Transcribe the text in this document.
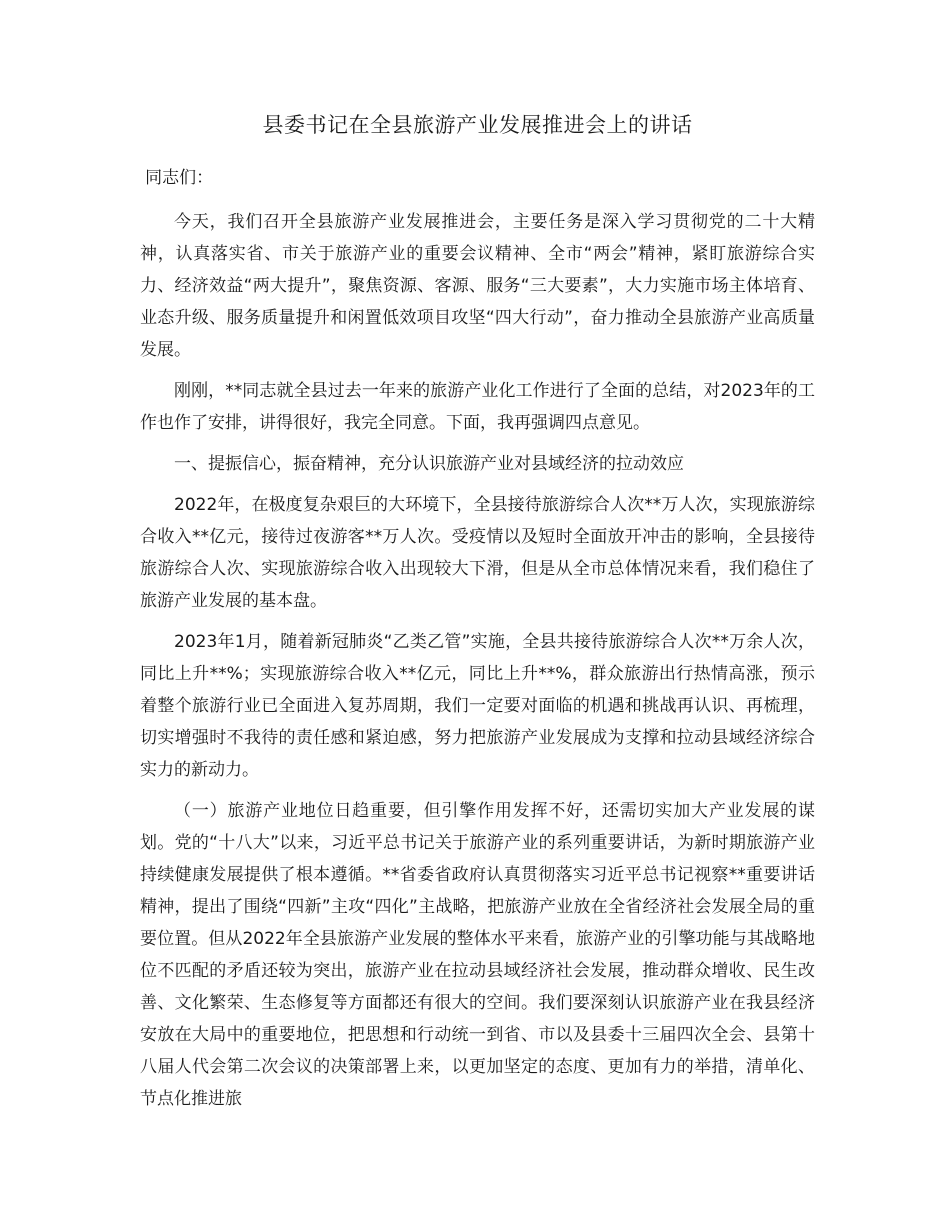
县委书记在全县旅游产业发展推进会上的讲话

同志们：

今天，我们召开全县旅游产业发展推进会，主要任务是深入学习贯彻党的二十大精神，认真落实省、市关于旅游产业的重要会议精神、全市“两会”精神，紧盯旅游综合实力、经济效益“两大提升”，聚焦资源、客源、服务“三大要素”，大力实施市场主体培育、业态升级、服务质量提升和闲置低效项目攻坚“四大行动”，奋力推动全县旅游产业高质量发展。

刚刚，**同志就全县过去一年来的旅游产业化工作进行了全面的总结，对2023年的工作也作了安排，讲得很好，我完全同意。下面，我再强调四点意见。

一、提振信心，振奋精神，充分认识旅游产业对县域经济的拉动效应

2022年，在极度复杂艰巨的大环境下，全县接待旅游综合人次**万人次，实现旅游综合收入**亿元，接待过夜游客**万人次。受疫情以及短时全面放开冲击的影响，全县接待旅游综合人次、实现旅游综合收入出现较大下滑，但是从全市总体情况来看，我们稳住了旅游产业发展的基本盘。

2023年1月，随着新冠肺炎“乙类乙管”实施，全县共接待旅游综合人次**万余人次，同比上升**%；实现旅游综合收入**亿元，同比上升**%，群众旅游出行热情高涨，预示着整个旅游行业已全面进入复苏周期，我们一定要对面临的机遇和挑战再认识、再梳理，切实增强时不我待的责任感和紧迫感，努力把旅游产业发展成为支撑和拉动县域经济综合实力的新动力。

（一）旅游产业地位日趋重要，但引擎作用发挥不好，还需切实加大产业发展的谋划。党的“十八大”以来，习近平总书记关于旅游产业的系列重要讲话，为新时期旅游产业持续健康发展提供了根本遵循。**省委省政府认真贯彻落实习近平总书记视察**重要讲话精神，提出了围绕“四新”主攻“四化”主战略，把旅游产业放在全省经济社会发展全局的重要位置。但从2022年全县旅游产业发展的整体水平来看，旅游产业的引擎功能与其战略地位不匹配的矛盾还较为突出，旅游产业在拉动县域经济社会发展，推动群众增收、民生改善、文化繁荣、生态修复等方面都还有很大的空间。我们要深刻认识旅游产业在我县经济安放在大局中的重要地位，把思想和行动统一到省、市以及县委十三届四次全会、县第十八届人代会第二次会议的决策部署上来，以更加坚定的态度、更加有力的举措，清单化、节点化推进旅
